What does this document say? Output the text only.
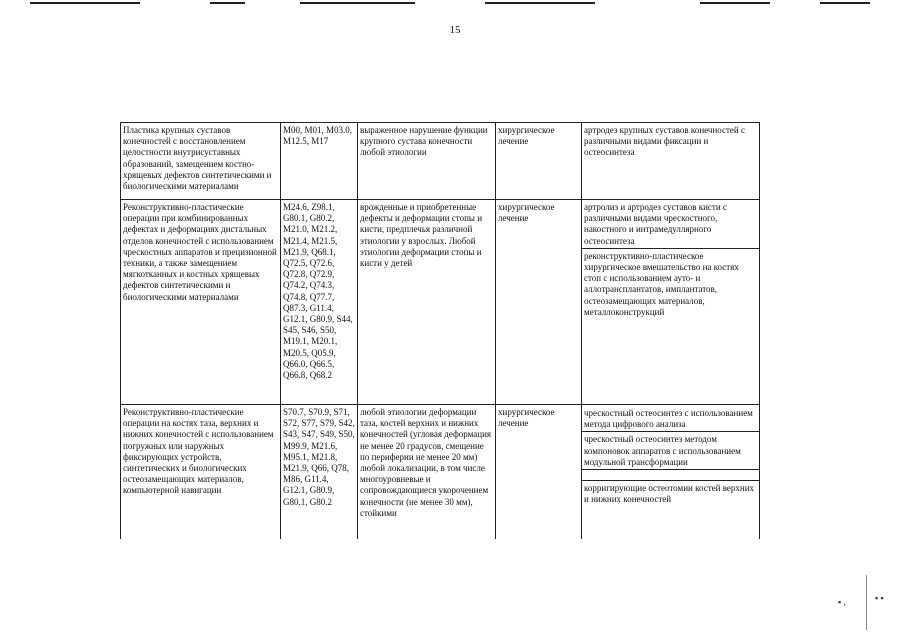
15
Пластика крупных суставов конечностей с восстановлением целостности внутрисуставных образований, замещением костно-хрящевых дефектов синтетическими и биологическими материалами
M00, M01, M03.0, M12.5, M17
выраженное нарушение функции крупного сустава конечности любой этиологии
хирургическое лечение
артродез крупных суставов конечностей с различными видами фиксации и остеосинтеза
Реконструктивно-пластические операции при комбинированных дефектах и деформациях дистальных отделов конечностей с использованием чрескостных аппаратов и прецизионной техники, а также замещением мягкотканных и костных хрящевых дефектов синтетическими и биологическими материалами
M24.6, Z98.1, G80.1, G80.2, M21.0, M21.2, M21.4, M21.5, M21.9, Q68.1, Q72.5, Q72.6, Q72.8, Q72.9, Q74.2, Q74.3, Q74.8, Q77.7, Q87.3, G11.4, G12.1, G80.9, S44, S45, S46, S50, M19.1, M20.1, M20.5, Q05.9, Q66.0, Q66.5, Q66.8, Q68.2
врожденные и приобретенные дефекты и деформации стопы и кисти, предплечья различной этиологии у взрослых. Любой этиологии деформации стопы и кисти у детей
хирургическое лечение
артролиз и артродез суставов кисти с различными видами чрескостного, накостного и интрамедуллярного остеосинтеза
реконструктивно-пластическое хирургическое вмешательство на костях стоп с использованием ауто- и аллотрансплантатов, имплантатов, остеозамещающих материалов, металлоконструкций
Реконструктивно-пластические операции на костях таза, верхних и нижних конечностей с использованием погружных или наружных фиксирующих устройств, синтетических и биологических остеозамещающих материалов, компьютерной навигации
S70.7, S70.9, S71, S72, S77, S79, S42, S43, S47, S49, S50, M99.9, M21.6, M95.1, M21.8, M21.9, Q66, Q78, M86, G11.4, G12.1, G80.9, G80.1, G80.2
любой этиологии деформации таза, костей верхних и нижних конечностей (угловая деформация не менее 20 градусов, смещение по периферии не менее 20 мм) любой локализации, в том числе многоуровневые и сопровождающиеся укорочением конечности (не менее 30 мм), стойкими
хирургическое лечение
чрескостный остеосинтез с использованием метода цифрового анализа
чрескостный остеосинтез методом компоновок аппаратов с использованием модульной трансформации
корригирующие остеотомии костей верхних и нижних конечностей
▪ ,	▪ ▪
